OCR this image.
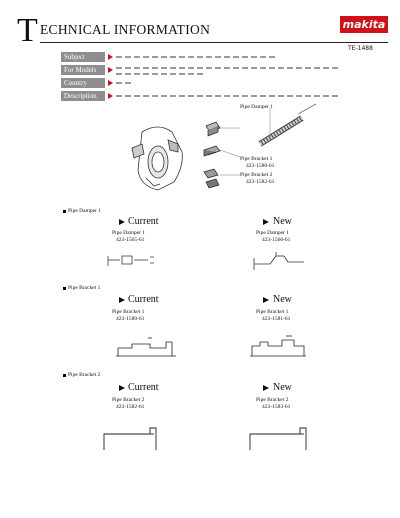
T ECHNICAL INFORMATION	makita
TE-1488
Subject
For Models
Country
Description
Pipe Damper 1
Pipe Bracket 1
423-1580-61
Pipe Bracket 2
423-1582-61
Pipe Damper 1
Current
Pipe Damper 1
423-1565-61
New
Pipe Damper 1
423-1566-61
Pipe Bracket 1
Current
Pipe Bracket 1
423-1580-61
New
Pipe Bracket 1
423-1581-61
Pipe Bracket 2
Current
Pipe Bracket 2
423-1582-61
New
Pipe Bracket 2
423-1583-61
